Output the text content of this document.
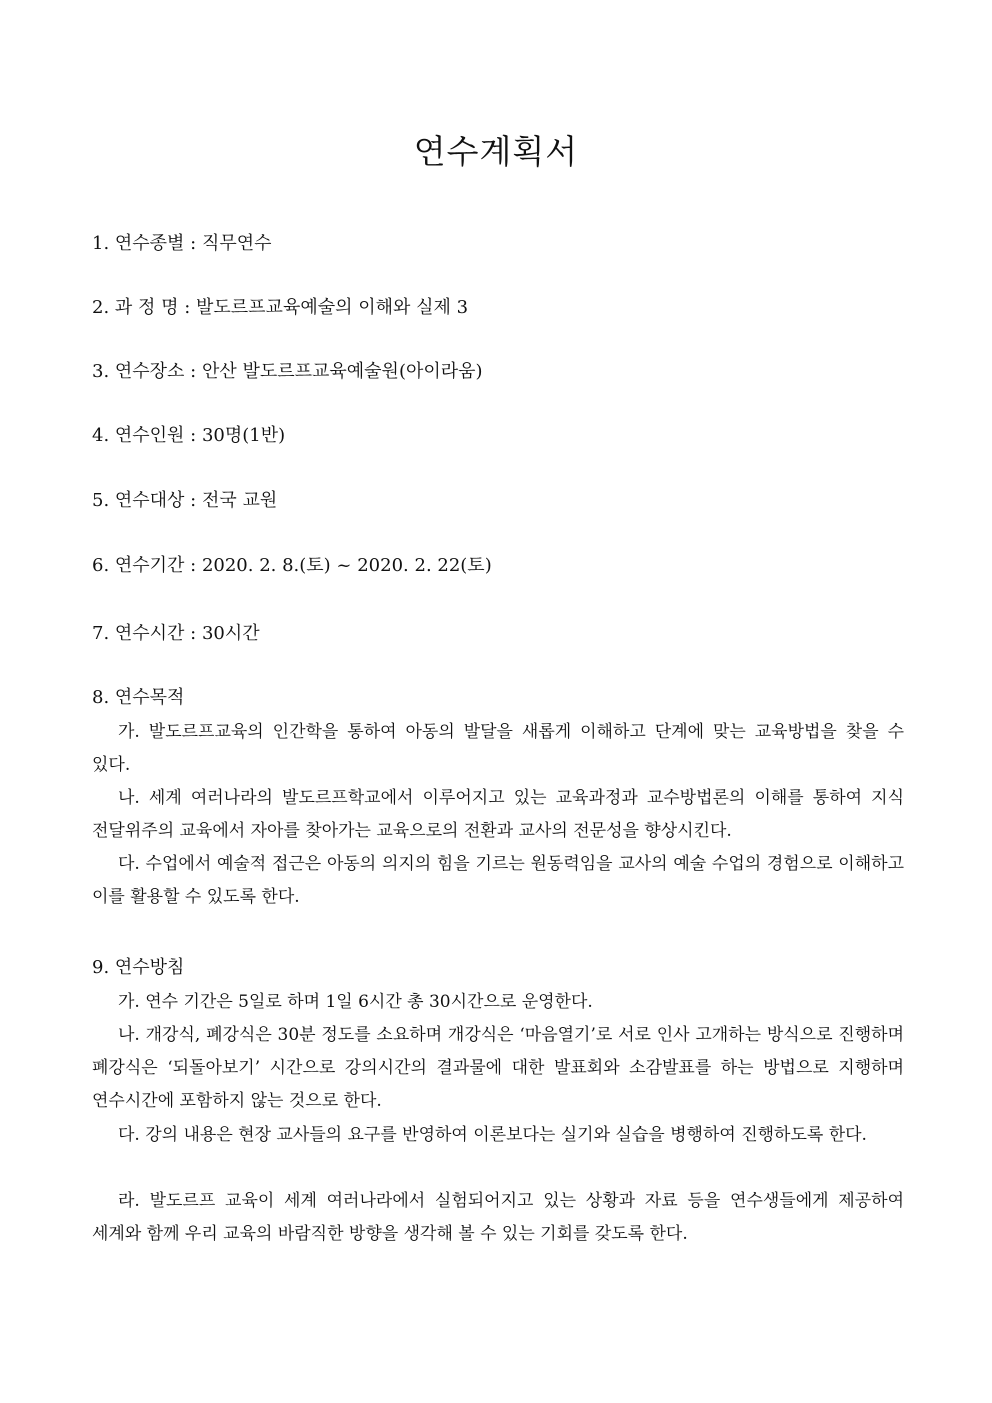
연수계획서
1. 연수종별 : 직무연수
2. 과 정 명 : 발도르프교육예술의 이해와 실제 3
3. 연수장소 : 안산 발도르프교육예술원(아이라움)
4. 연수인원 : 30명(1반)
5. 연수대상 : 전국 교원
6. 연수기간 : 2020. 2. 8.(토) ~ 2020. 2. 22(토)
7. 연수시간 : 30시간
8. 연수목적
가. 발도르프교육의 인간학을 통하여 아동의 발달을 새롭게 이해하고 단계에 맞는 교육방법을 찾을 수 있다.
나. 세계 여러나라의 발도르프학교에서 이루어지고 있는 교육과정과 교수방법론의 이해를 통하여 지식 전달위주의 교육에서 자아를 찾아가는 교육으로의 전환과 교사의 전문성을 향상시킨다.
다. 수업에서 예술적 접근은 아동의 의지의 힘을 기르는 원동력임을 교사의 예술 수업의 경험으로 이해하고 이를 활용할 수 있도록 한다.
9. 연수방침
가. 연수 기간은 5일로 하며 1일 6시간 총 30시간으로 운영한다.
나. 개강식, 폐강식은 30분 정도를 소요하며 개강식은 ‘마음열기’로 서로 인사 고개하는 방식으로 진행하며 폐강식은 ‘되돌아보기’ 시간으로 강의시간의 결과물에 대한 발표회와 소감발표를 하는 방법으로 지행하며 연수시간에 포함하지 않는 것으로 한다.
다. 강의 내용은 현장 교사들의 요구를 반영하여 이론보다는 실기와 실습을 병행하여 진행하도록 한다.
라. 발도르프 교육이 세계 여러나라에서 실험되어지고 있는 상황과 자료 등을 연수생들에게 제공하여 세계와 함께 우리 교육의 바람직한 방향을 생각해 볼 수 있는 기회를 갖도록 한다.
